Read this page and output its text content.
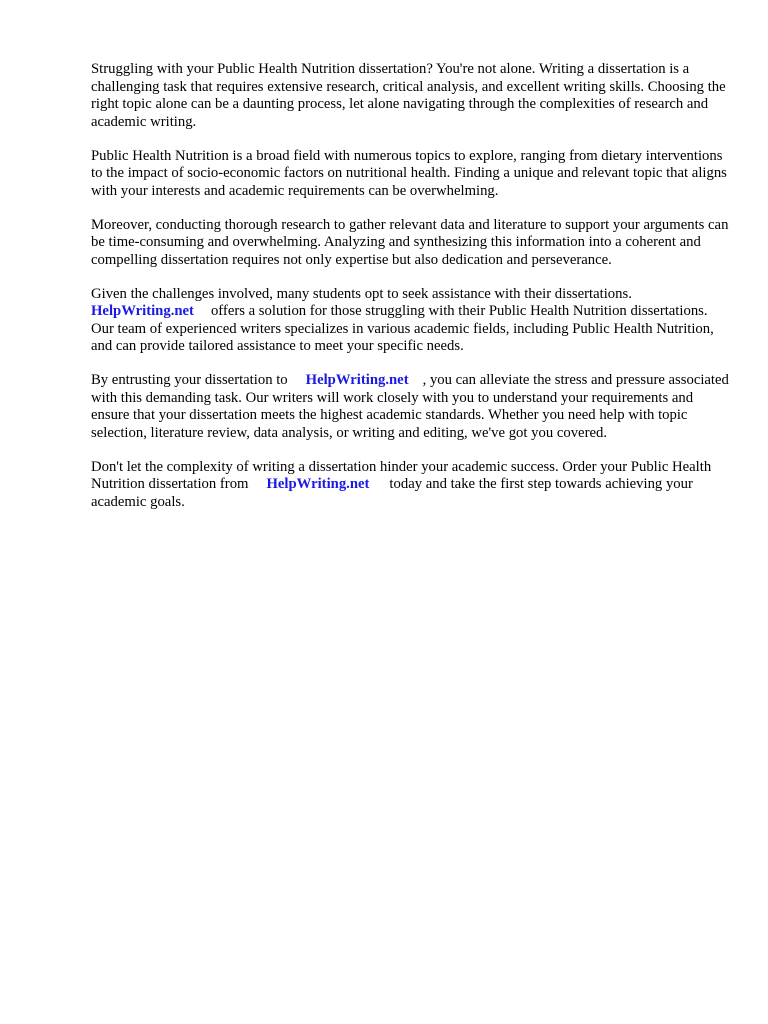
Struggling with your Public Health Nutrition dissertation? You're not alone. Writing a dissertation is a challenging task that requires extensive research, critical analysis, and excellent writing skills. Choosing the right topic alone can be a daunting process, let alone navigating through the complexities of research and academic writing.

Public Health Nutrition is a broad field with numerous topics to explore, ranging from dietary interventions to the impact of socio-economic factors on nutritional health. Finding a unique and relevant topic that aligns with your interests and academic requirements can be overwhelming.

Moreover, conducting thorough research to gather relevant data and literature to support your arguments can be time-consuming and overwhelming. Analyzing and synthesizing this information into a coherent and compelling dissertation requires not only expertise but also dedication and perseverance.

Given the challenges involved, many students opt to seek assistance with their dissertations.
HelpWriting.net offers a solution for those struggling with their Public Health Nutrition dissertations. Our team of experienced writers specializes in various academic fields, including Public Health Nutrition, and can provide tailored assistance to meet your specific needs.

By entrusting your dissertation to HelpWriting.net , you can alleviate the stress and pressure associated with this demanding task. Our writers will work closely with you to understand your requirements and ensure that your dissertation meets the highest academic standards. Whether you need help with topic selection, literature review, data analysis, or writing and editing, we've got you covered.

Don't let the complexity of writing a dissertation hinder your academic success. Order your Public Health Nutrition dissertation from HelpWriting.net today and take the first step towards achieving your academic goals.
